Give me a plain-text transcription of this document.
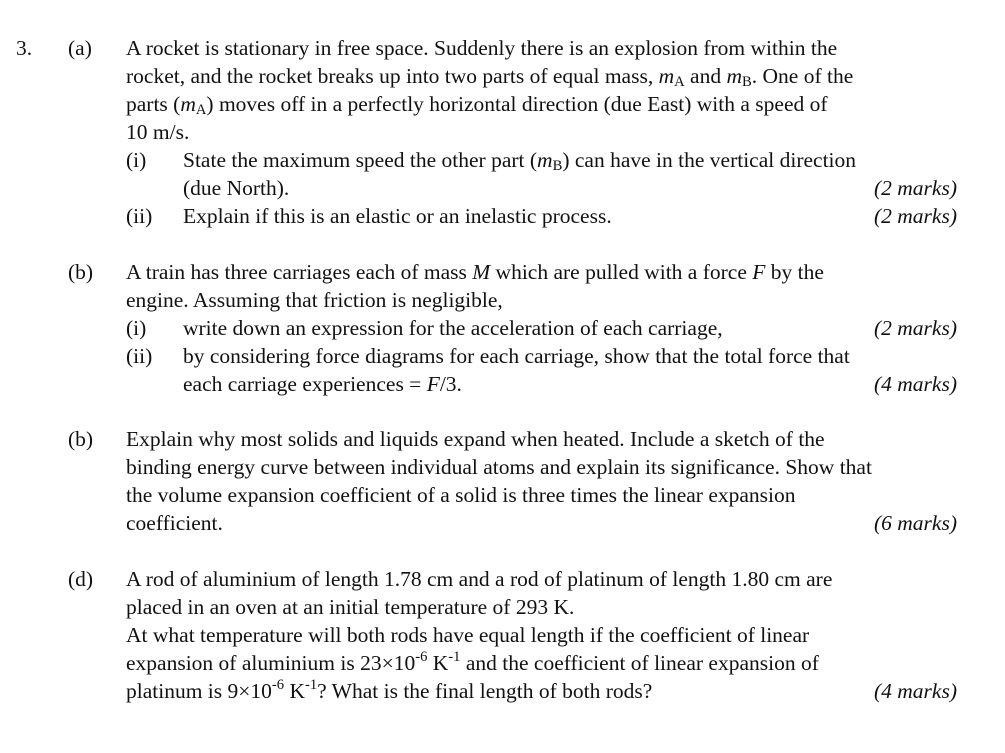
3. (a) A rocket is stationary in free space. Suddenly there is an explosion from within the
rocket, and the rocket breaks up into two parts of equal mass, $m_A$ and $m_B$. One of the
parts $(m_A)$ moves off in a perfectly horizontal direction (due East) with a speed of
10 m/s.
(i) State the maximum speed the other part $(m_B)$ can have in the vertical direction
(due North).	(2 marks)
(ii) Explain if this is an elastic or an inelastic process.	(2 marks)
(b) A train has three carriages each of mass M which are pulled with a force F by the
engine. Assuming that friction is negligible,
(i) write down an expression for the acceleration of each carriage,	(2 marks)
(ii) by considering force diagrams for each carriage, show that the total force that
each carriage experiences = F/3.	(4 marks)
(b) Explain why most solids and liquids expand when heated. Include a sketch of the
binding energy curve between individual atoms and explain its significance. Show that
the volume expansion coefficient of a solid is three times the linear expansion
coefficient.	(6 marks)
(d) A rod of aluminium of length 1.78 cm and a rod of platinum of length 1.80 cm are
placed in an oven at an initial temperature of 293 K.
At what temperature will both rods have equal length if the coefficient of linear
expansion of aluminium is $23\times 10^{-6}$ $K^{-1}$ and the coefficient of linear expansion of
platinum is $9\times 10^{-6}$ $K^{-1}$? What is the final length of both rods?	(4 marks)
